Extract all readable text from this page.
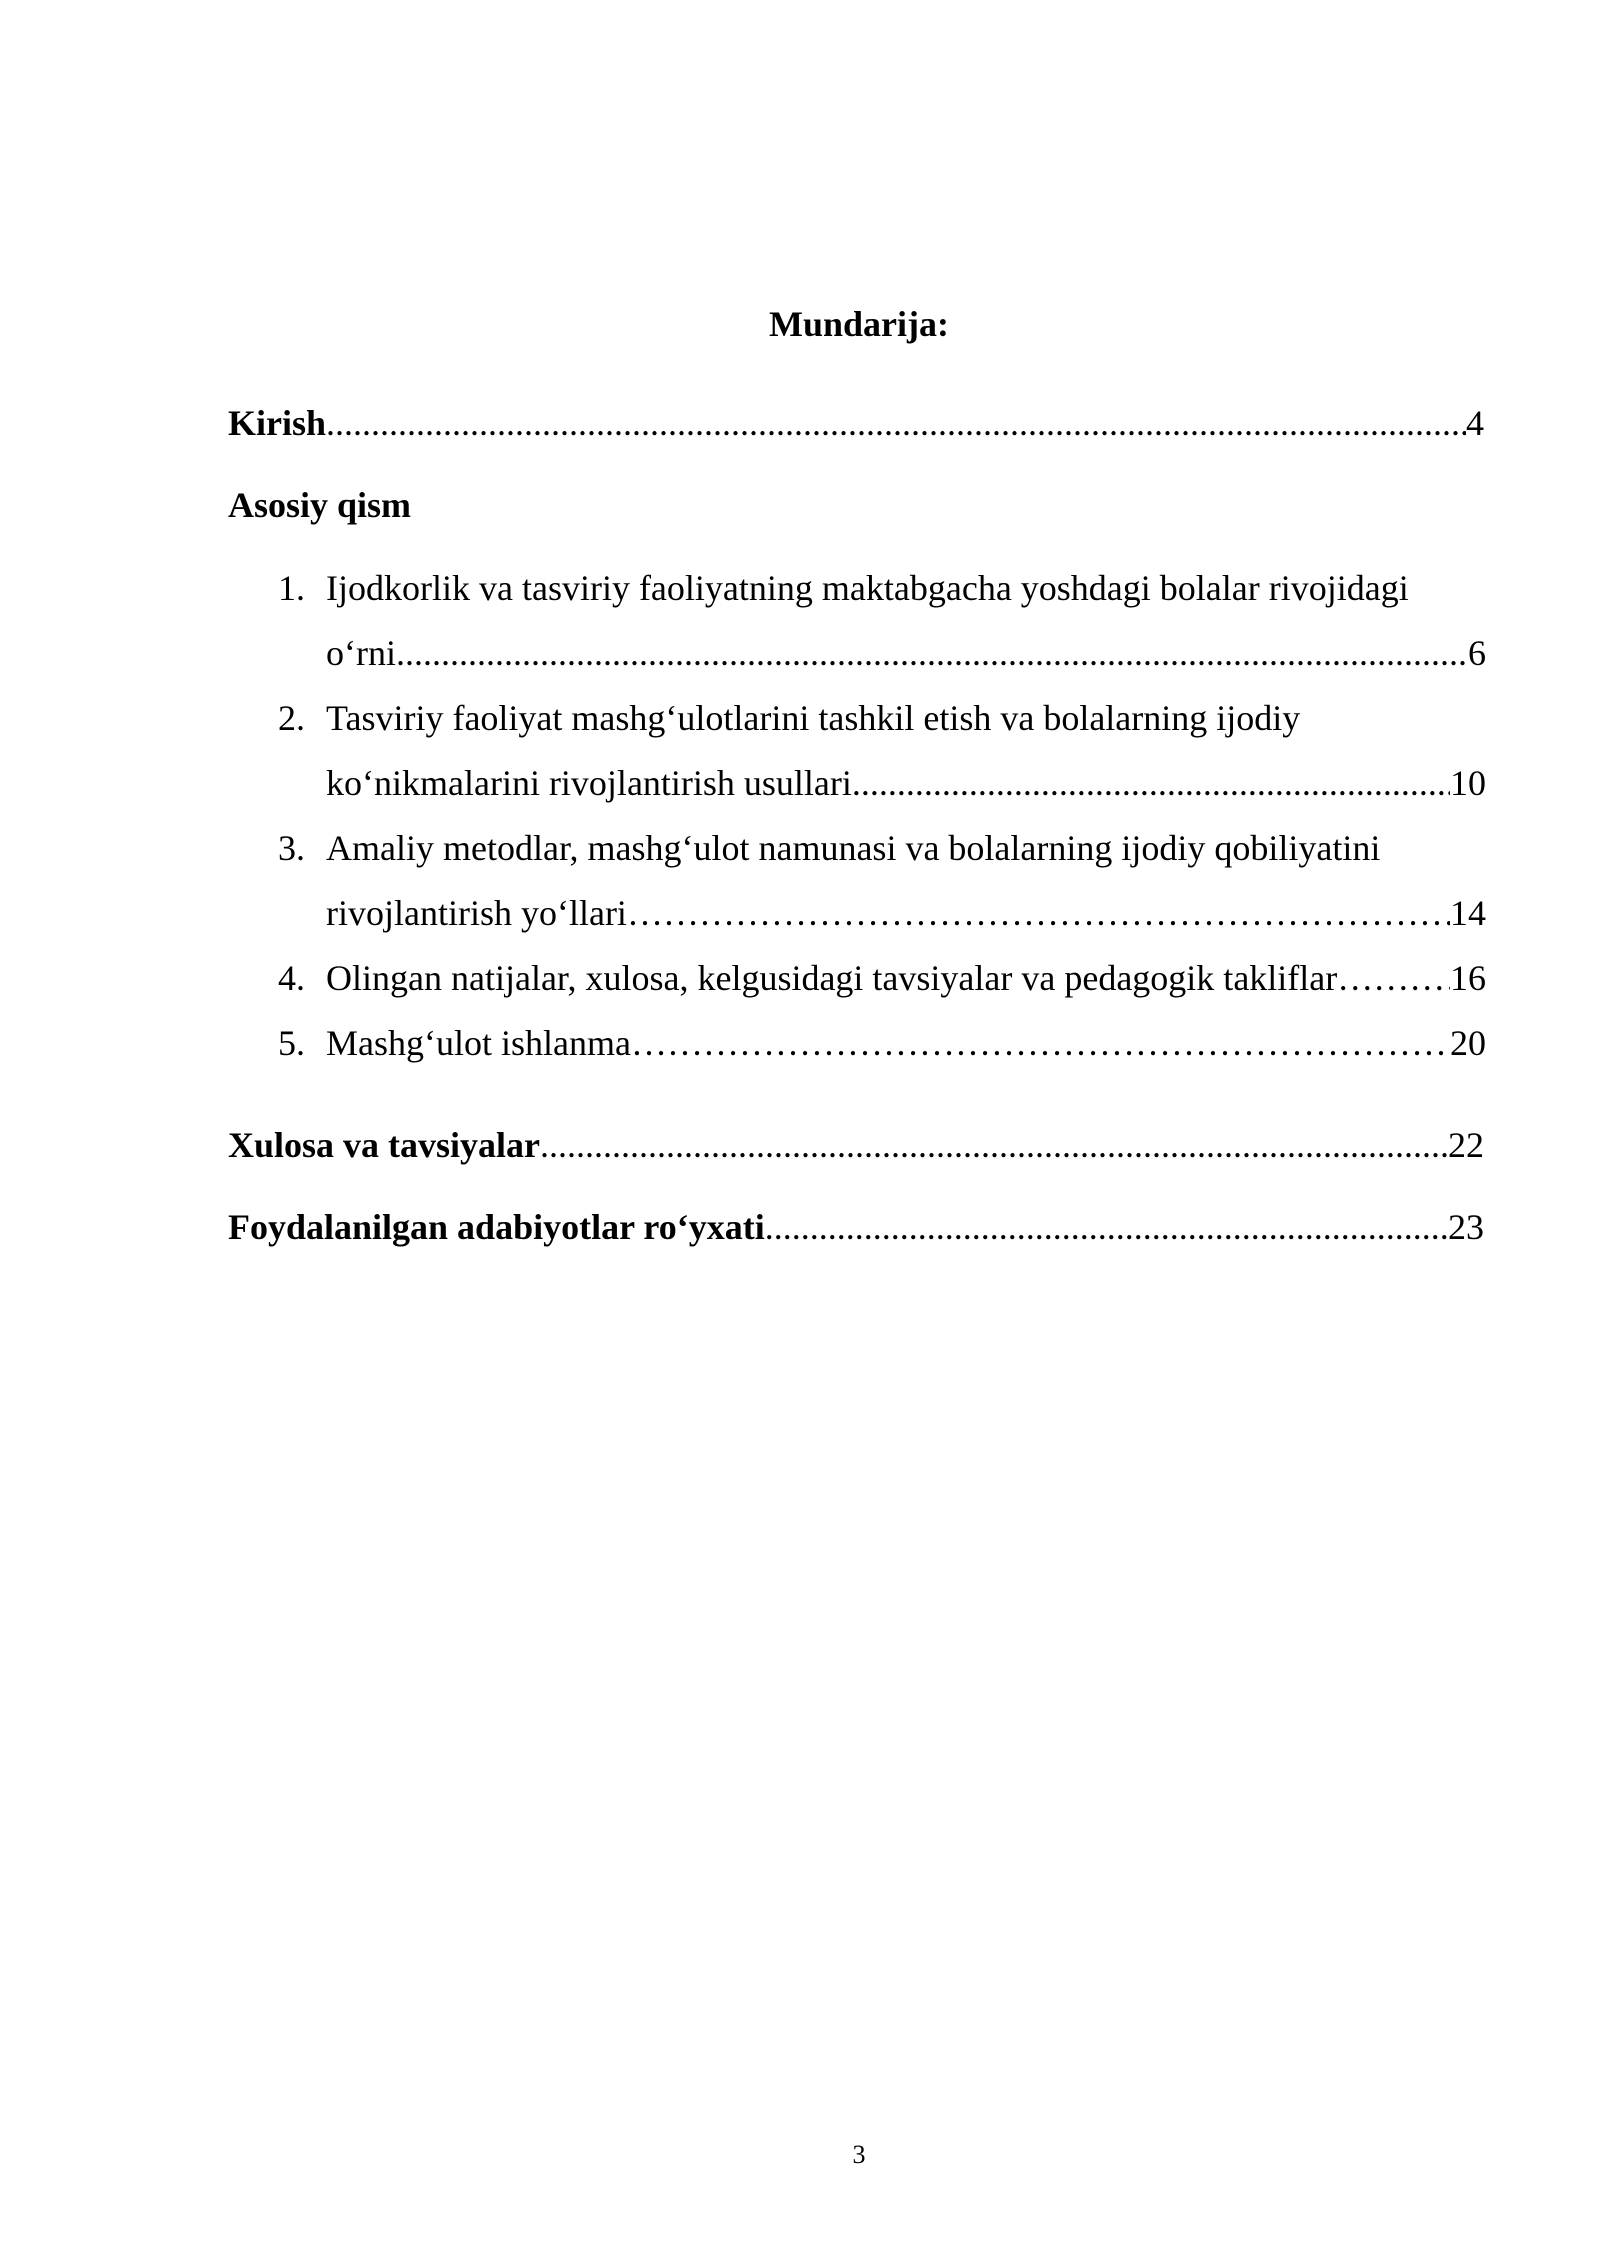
Mundarija:
Kirish .....	4
Asosiy qism
1. Ijodkorlik va tasviriy faoliyatning maktabgacha yoshdagi bolalar rivojidagi
o‘rni .....	6
2. Tasviriy faoliyat mashg‘ulotlarini tashkil etish va bolalarning ijodiy
ko‘nikmalarini rivojlantirish usullari .....	10
3. Amaliy metodlar, mashg‘ulot namunasi va bolalarning ijodiy qobiliyatini
rivojlantirish yo‘llari …………………………………………………………………………………………………………………………	14
4. Olingan natijalar, xulosa, kelgusidagi tavsiyalar va pedagogik takliflar …………………………………………………………………………………………………………………………	16
5. Mashg‘ulot ishlanma …………………………………………………………………………………………………………………………	20
Xulosa va tavsiyalar .....	22
Foydalanilgan adabiyotlar ro‘yxati .....	23
3
